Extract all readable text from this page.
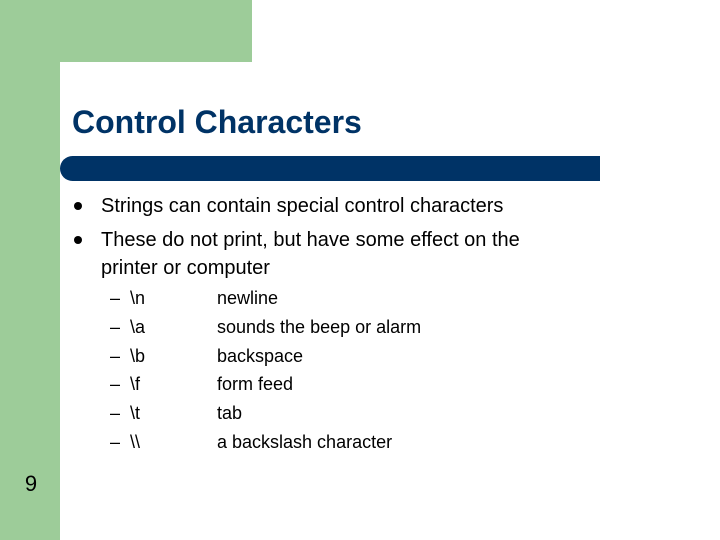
Control Characters
Strings can contain special control characters
These do not print, but have some effect on the
printer or computer
– \n	newline
– \a	sounds the beep or alarm
– \b	backspace
– \f	form feed
– \t	tab
– \\	a backslash character
9
